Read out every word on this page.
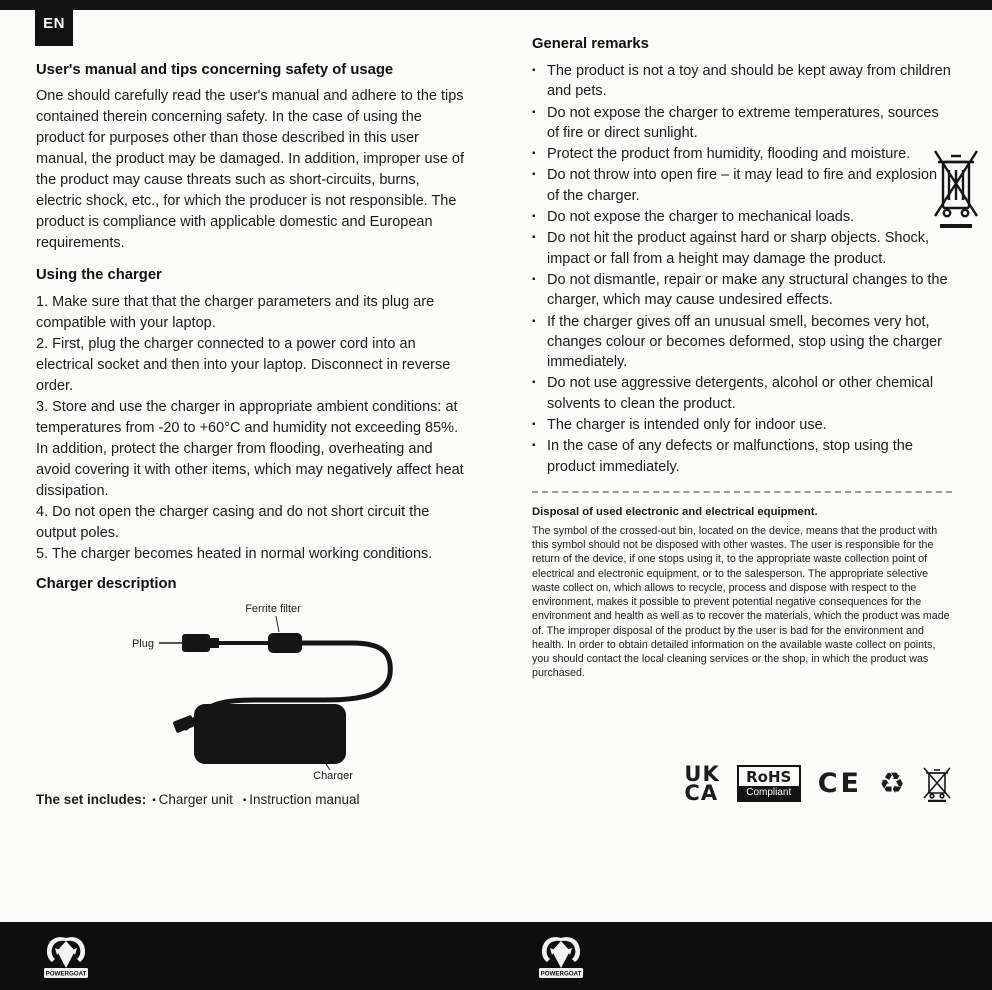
EN
User's manual and tips concerning safety of usage

One should carefully read the user's manual and adhere to the tips contained therein concerning safety. In the case of using the product for purposes other than those described in this user manual, the product may be damaged. In addition, improper use of the product may cause threats such as short-circuits, burns, electric shock, etc., for which the producer is not responsible. The product is compliance with applicable domestic and European requirements.

Using the charger

1. Make sure that that the charger parameters and its plug are compatible with your laptop.

2. First, plug the charger connected to a power cord into an electrical socket and then into your laptop. Disconnect in reverse order.

3. Store and use the charger in appropriate ambient conditions: at temperatures from -20 to +60°C and humidity not exceeding 85%. In addition, protect the charger from flooding, overheating and avoid covering it with other items, which may negatively affect heat dissipation.

4. Do not open the charger casing and do not short circuit the output poles.

5. The charger becomes heated in normal working conditions.

Charger description
Ferrite filter
Plug
Charger
The set includes: ▪ Charger unit ▪ Instruction manual
General remarks
▪ The product is not a toy and should be kept away from children and pets.
▪ Do not expose the charger to extreme temperatures, sources of fire or direct sunlight.
▪ Protect the product from humidity, flooding and moisture.
▪ Do not throw into open fire – it may lead to fire and explosion of the charger.
▪ Do not expose the charger to mechanical loads.
▪ Do not hit the product against hard or sharp objects. Shock, impact or fall from a height may damage the product.
▪ Do not dismantle, repair or make any structural changes to the charger, which may cause undesired effects.
▪ If the charger gives off an unusual smell, becomes very hot, changes colour or becomes deformed, stop using the charger immediately.
▪ Do not use aggressive detergents, alcohol or other chemical solvents to clean the product.
▪ The charger is intended only for indoor use.
▪ In the case of any defects or malfunctions, stop using the product immediately.

Disposal of used electronic and electrical equipment.

The symbol of the crossed-out bin, located on the device, means that the product with this symbol should not be disposed with other wastes. The user is responsible for the return of the device, if one stops using it, to the appropriate waste collection point of electrical and electronic equipment, or to the salesperson. The appropriate selective waste collect on, which allows to recycle, process and dispose with respect to the environment, makes it possible to prevent potential negative consequences for the environment and health as well as to recover the materials, which the product was made of. The improper disposal of the product by the user is bad for the environment and health. In order to obtain detailed information on the available waste collect on points, you should contact the local cleaning services or the shop, in which the product was purchased.

UK
CA
RoHS
Compliant CE ♻
POWERGOAT	POWERGOAT
